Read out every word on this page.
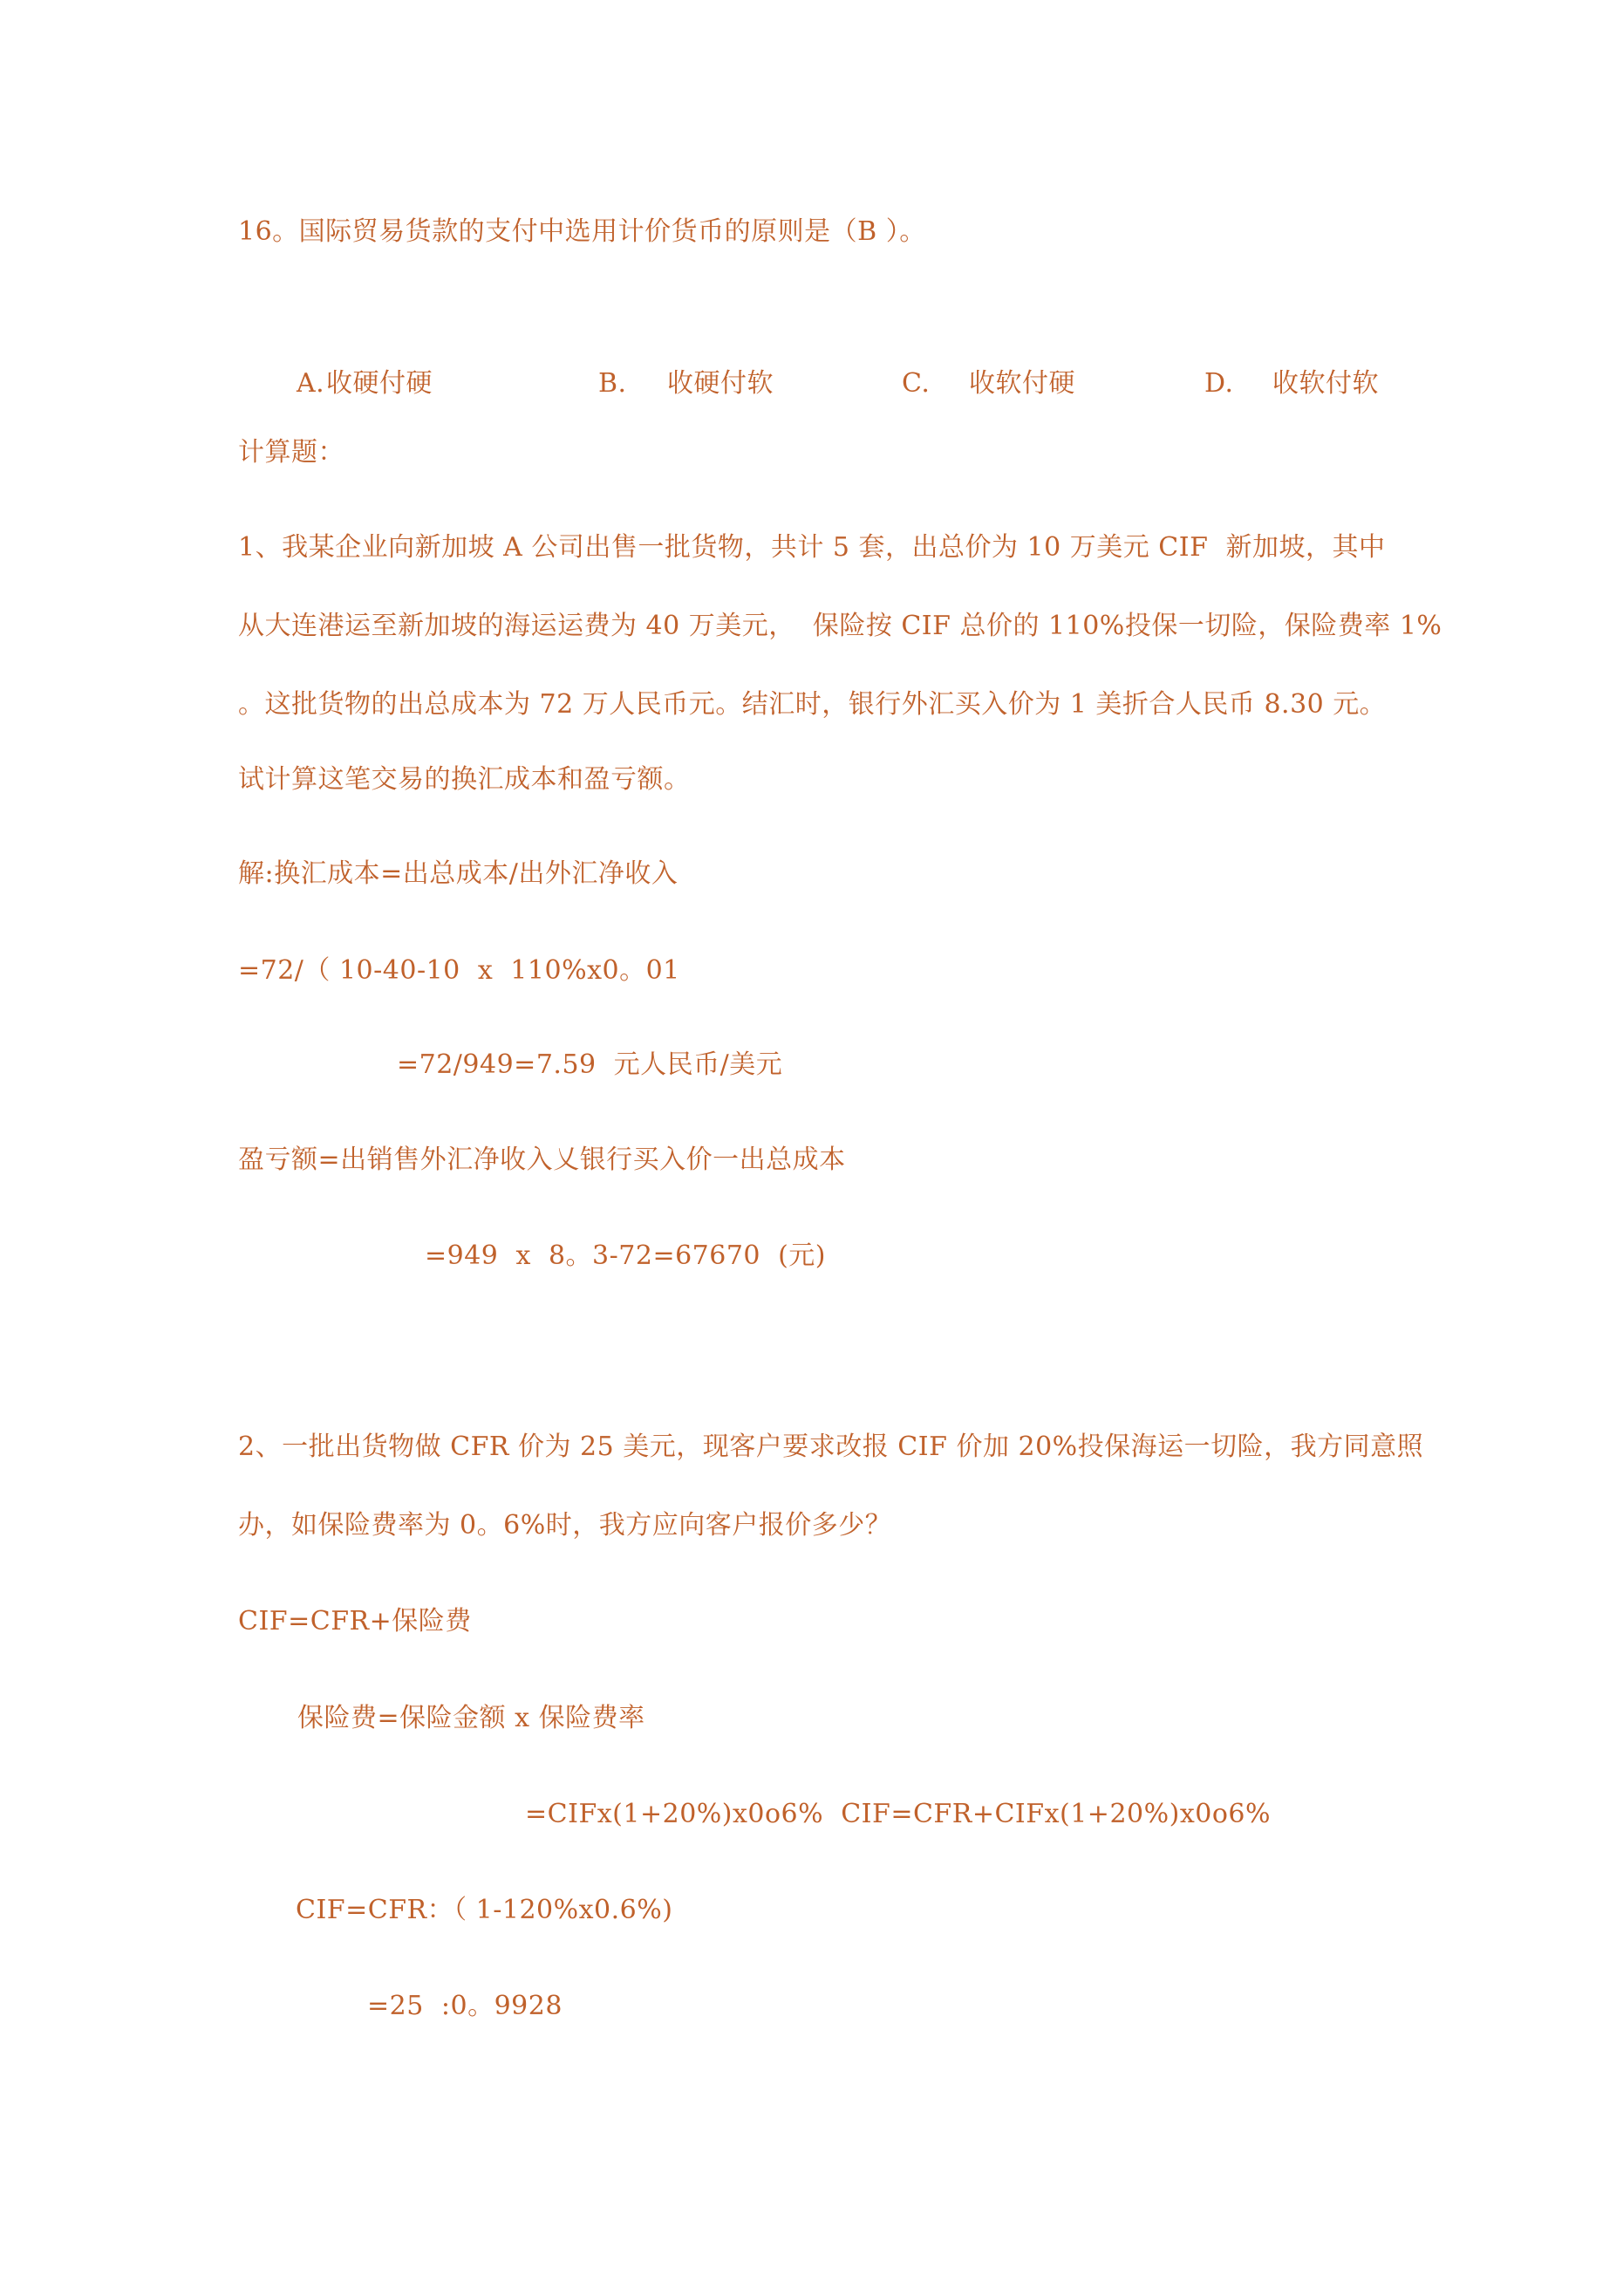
16。国际贸易货款的支付中选用计价货币的原则是（B ）。
A. 收硬付硬	B. 收硬付软	C. 收软付硬	D. 收软付软
计算题：
1、我某企业向新加坡 A 公司出售一批货物，共计 5 套，出总价为 10 万美元 CIF  新加坡，其中
从大连港运至新加坡的海运运费为 40 万美元，  保险按 CIF 总价的 110%投保一切险，保险费率 1%
。这批货物的出总成本为 72 万人民币元。结汇时，银行外汇买入价为 1 美折合人民币 8.30 元。
试计算这笔交易的换汇成本和盈亏额。
解:换汇成本=出总成本/出外汇净收入
=72/（ 10-40-10  x  110%x0。01
=72/949=7.59  元人民币/美元
盈亏额=出销售外汇净收入乂银行买入价一出总成本
=949  x  8。3-72=67670  (元)
2、一批出货物做 CFR 价为 25 美元，现客户要求改报 CIF 价加 20%投保海运一切险，我方同意照
办，如保险费率为 0。6%时，我方应向客户报价多少？
CIF=CFR+保险费
保险费=保险金额 x 保险费率
=CIFx(1+20%)x0o6%  CIF=CFR+CIFx(1+20%)x0o6%
CIF=CFR：（ 1-120%x0.6%)
=25  :0。9928
